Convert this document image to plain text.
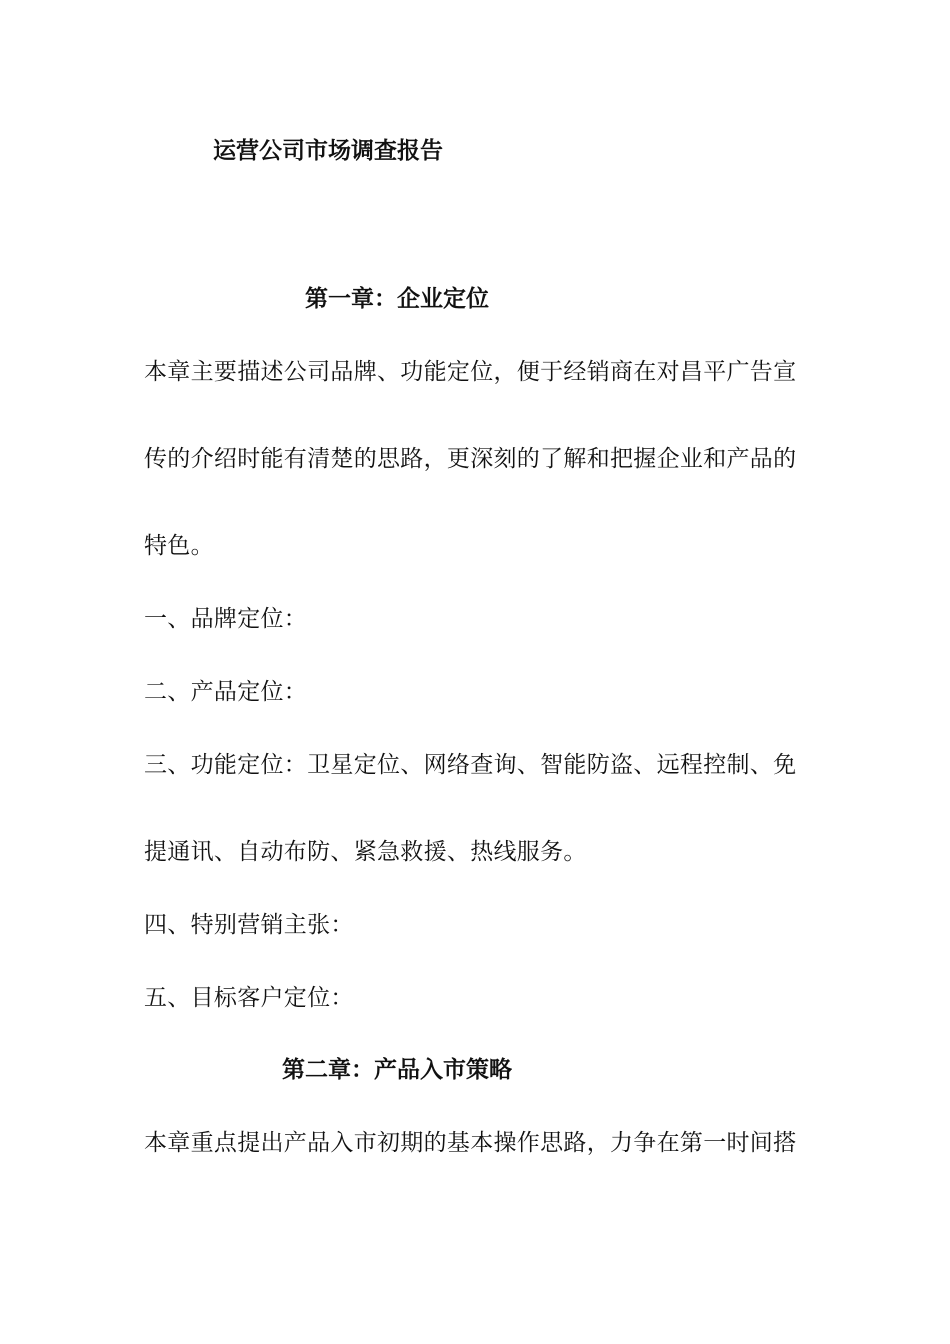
运营公司市场调查报告
第一章：企业定位
本章主要描述公司品牌、功能定位，便于经销商在对昌平广告宣
传的介绍时能有清楚的思路，更深刻的了解和把握企业和产品的
特色。
一、品牌定位：
二、产品定位：
三、功能定位：卫星定位、网络查询、智能防盗、远程控制、免
提通讯、自动布防、紧急救援、热线服务。
四、特别营销主张：
五、目标客户定位：
第二章：产品入市策略
本章重点提出产品入市初期的基本操作思路，力争在第一时间搭
